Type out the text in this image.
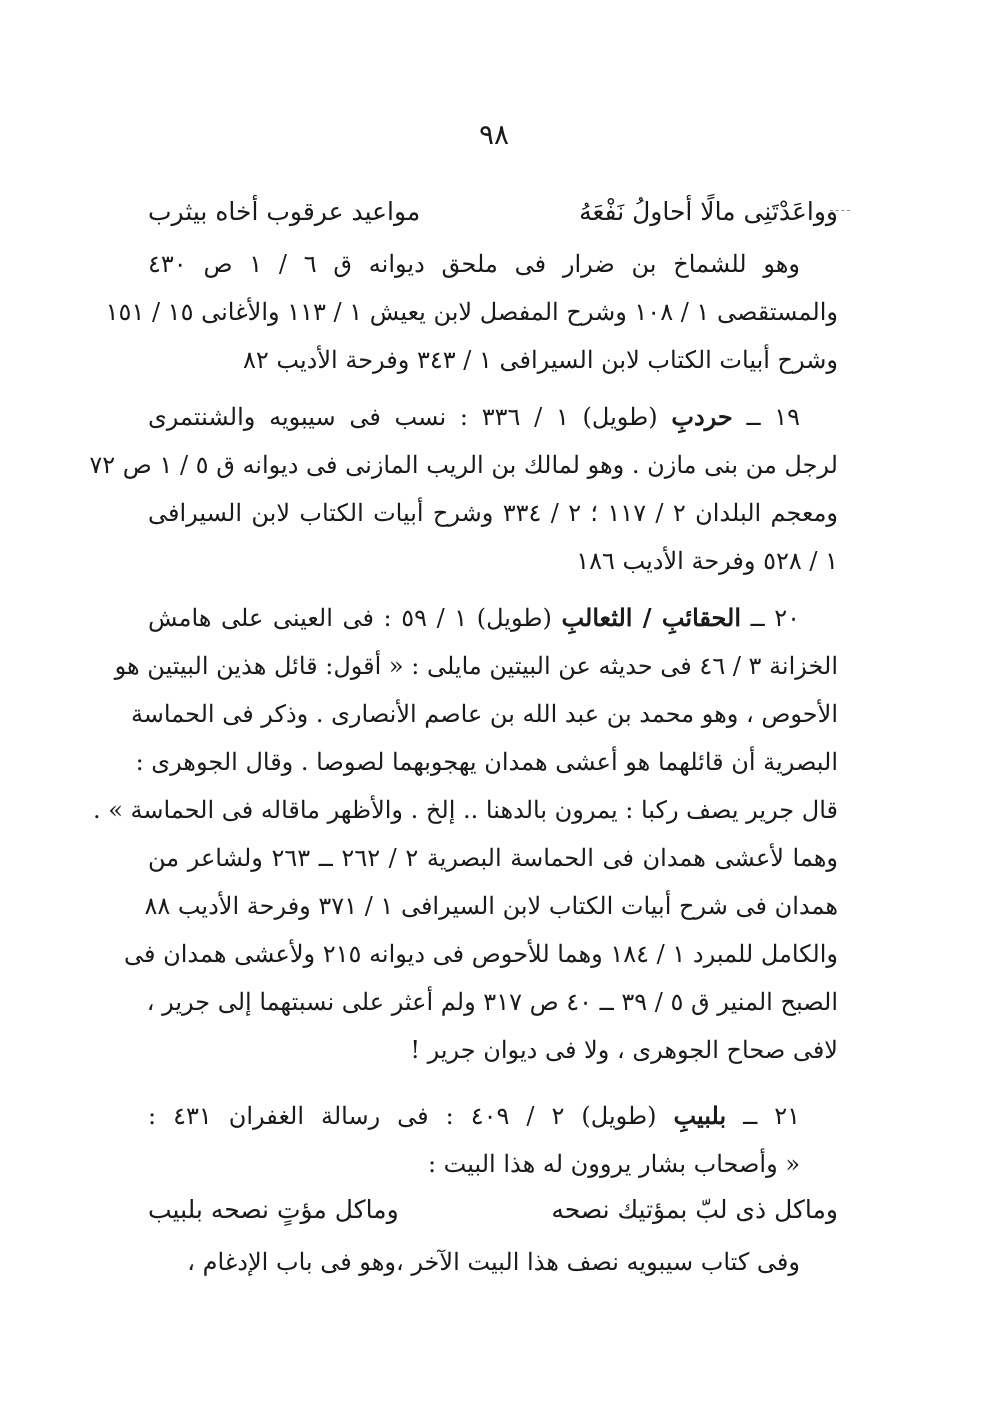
٩٨
وواعَدْتَنِى مالًا أحاولُ نَفْعَهُ
مواعيد عرقوب أخاه بيثرب
وهو للشماخ بن ضرار فى ملحق ديوانه ق ٦ / ١ ص ٤٣٠
والمستقصى ١ / ١٠٨ وشرح المفصل لابن يعيش ١ / ١١٣ والأغانى ١٥ / ١٥١
وشرح أبيات الكتاب لابن السيرافى ١ / ٣٤٣ وفرحة الأديب ٨٢
١٩ ــ حردبِ (طويل) ١ / ٣٣٦ : نسب فى سيبويه والشنتمرى
لرجل من بنى مازن . وهو لمالك بن الريب المازنى فى ديوانه ق ٥ / ١ ص ٧٢
ومعجم البلدان ٢ / ١١٧ ؛ ٢ / ٣٣٤ وشرح أبيات الكتاب لابن السيرافى
١ / ٥٢٨ وفرحة الأديب ١٨٦
٢٠ ــ الحقائبِ / الثعالبِ (طويل) ١ / ٥٩ : فى العينى على هامش
الخزانة ٣ / ٤٦ فى حديثه عن البيتين مايلى : « أقول: قائل هذين البيتين هو
الأحوص ، وهو محمد بن عبد الله بن عاصم الأنصارى . وذكر فى الحماسة
البصرية أن قائلهما هو أعشى همدان يهجوبهما لصوصا . وقال الجوهرى :
قال جرير يصف ركبا : يمرون بالدهنا .. إلخ . والأظهر ماقاله فى الحماسة » .
وهما لأعشى همدان فى الحماسة البصرية ٢ / ٢٦٢ ــ ٢٦٣ ولشاعر من
همدان فى شرح أبيات الكتاب لابن السيرافى ١ / ٣٧١ وفرحة الأديب ٨٨
والكامل للمبرد ١ / ١٨٤ وهما للأحوص فى ديوانه ٢١٥ ولأعشى همدان فى
الصبح المنير ق ٥ / ٣٩ ــ ٤٠ ص ٣١٧ ولم أعثر على نسبتهما إلى جرير ،
لافى صحاح الجوهرى ، ولا فى ديوان جرير !
٢١ ــ بلبيبِ (طويل) ٢ / ٤٠٩ : فى رسالة الغفران ٤٣١ :
« وأصحاب بشار يروون له هذا البيت :
وماكل ذى لبّ بمؤتيك نصحه
وماكل مؤتٍ نصحه بلبيب
وفى كتاب سيبويه نصف هذا البيت الآخر ،وهو فى باب الإدغام ،
